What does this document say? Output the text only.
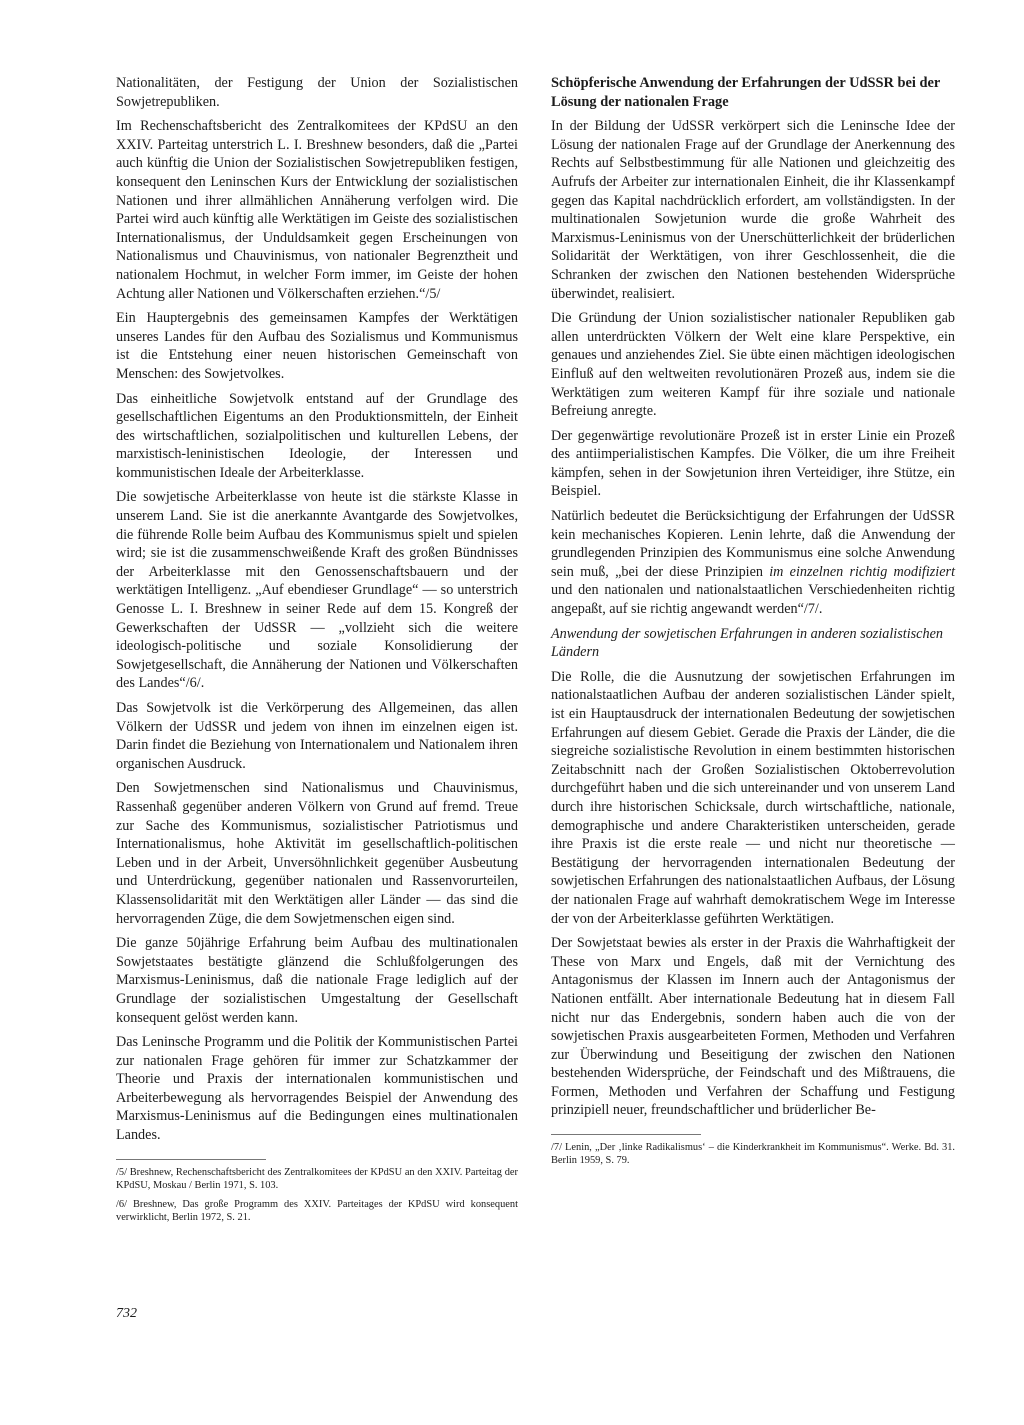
Nationalitäten, der Festigung der Union der Sozialistischen Sowjetrepubliken.

Im Rechenschaftsbericht des Zentralkomitees der KPdSU an den XXIV. Parteitag unterstrich L. I. Breshnew besonders, daß die „Partei auch künftig die Union der Sozialistischen Sowjetrepubliken festigen, konsequent den Leninschen Kurs der Entwicklung der sozialistischen Nationen und ihrer allmählichen Annäherung verfolgen wird. Die Partei wird auch künftig alle Werktätigen im Geiste des sozialistischen Internationalismus, der Unduldsamkeit gegen Erscheinungen von Nationalismus und Chauvinismus, von nationaler Begrenztheit und nationalem Hochmut, in welcher Form immer, im Geiste der hohen Achtung aller Nationen und Völkerschaften erziehen.“/5/

Ein Hauptergebnis des gemeinsamen Kampfes der Werktätigen unseres Landes für den Aufbau des Sozialismus und Kommunismus ist die Entstehung einer neuen historischen Gemeinschaft von Menschen: des Sowjetvolkes.

Das einheitliche Sowjetvolk entstand auf der Grundlage des gesellschaftlichen Eigentums an den Produktionsmitteln, der Einheit des wirtschaftlichen, sozialpolitischen und kulturellen Lebens, der marxistisch-leninistischen Ideologie, der Interessen und kommunistischen Ideale der Arbeiterklasse.

Die sowjetische Arbeiterklasse von heute ist die stärkste Klasse in unserem Land. Sie ist die anerkannte Avantgarde des Sowjetvolkes, die führende Rolle beim Aufbau des Kommunismus spielt und spielen wird; sie ist die zusammenschweißende Kraft des großen Bündnisses der Arbeiterklasse mit den Genossenschaftsbauern und der werktätigen Intelligenz. „Auf ebendieser Grundlage“ — so unterstrich Genosse L. I. Breshnew in seiner Rede auf dem 15. Kongreß der Gewerkschaften der UdSSR — „vollzieht sich die weitere ideologisch-politische und soziale Konsolidierung der Sowjetgesellschaft, die Annäherung der Nationen und Völkerschaften des Landes“/6/.

Das Sowjetvolk ist die Verkörperung des Allgemeinen, das allen Völkern der UdSSR und jedem von ihnen im einzelnen eigen ist. Darin findet die Beziehung von Internationalem und Nationalem ihren organischen Ausdruck.

Den Sowjetmenschen sind Nationalismus und Chauvinismus, Rassenhaß gegenüber anderen Völkern von Grund auf fremd. Treue zur Sache des Kommunismus, sozialistischer Patriotismus und Internationalismus, hohe Aktivität im gesellschaftlich-politischen Leben und in der Arbeit, Unversöhnlichkeit gegenüber Ausbeutung und Unterdrückung, gegenüber nationalen und Rassenvorurteilen, Klassensolidarität mit den Werktätigen aller Länder — das sind die hervorragenden Züge, die dem Sowjetmenschen eigen sind.

Die ganze 50jährige Erfahrung beim Aufbau des multinationalen Sowjetstaates bestätigte glänzend die Schlußfolgerungen des Marxismus-Leninismus, daß die nationale Frage lediglich auf der Grundlage der sozialistischen Umgestaltung der Gesellschaft konsequent gelöst werden kann.

Das Leninsche Programm und die Politik der Kommunistischen Partei zur nationalen Frage gehören für immer zur Schatzkammer der Theorie und Praxis der internationalen kommunistischen und Arbeiterbewegung als hervorragendes Beispiel der Anwendung des Marxismus-Leninismus auf die Bedingungen eines multinationalen Landes.

/5/ Breshnew, Rechenschaftsbericht des Zentralkomitees der KPdSU an den XXIV. Parteitag der KPdSU, Moskau / Berlin 1971, S. 103.

/6/ Breshnew, Das große Programm des XXIV. Parteitages der KPdSU wird konsequent verwirklicht, Berlin 1972, S. 21.

Schöpferische Anwendung der Erfahrungen der UdSSR bei der Lösung der nationalen Frage

In der Bildung der UdSSR verkörpert sich die Leninsche Idee der Lösung der nationalen Frage auf der Grundlage der Anerkennung des Rechts auf Selbstbestimmung für alle Nationen und gleichzeitig des Aufrufs der Arbeiter zur internationalen Einheit, die ihr Klassenkampf gegen das Kapital nachdrücklich erfordert, am vollständigsten. In der multinationalen Sowjetunion wurde die große Wahrheit des Marxismus-Leninismus von der Unerschütterlichkeit der brüderlichen Solidarität der Werktätigen, von ihrer Geschlossenheit, die die Schranken der zwischen den Nationen bestehenden Widersprüche überwindet, realisiert.

Die Gründung der Union sozialistischer nationaler Republiken gab allen unterdrückten Völkern der Welt eine klare Perspektive, ein genaues und anziehendes Ziel. Sie übte einen mächtigen ideologischen Einfluß auf den weltweiten revolutionären Prozeß aus, indem sie die Werktätigen zum weiteren Kampf für ihre soziale und nationale Befreiung anregte.

Der gegenwärtige revolutionäre Prozeß ist in erster Linie ein Prozeß des antiimperialistischen Kampfes. Die Völker, die um ihre Freiheit kämpfen, sehen in der Sowjetunion ihren Verteidiger, ihre Stütze, ein Beispiel.

Natürlich bedeutet die Berücksichtigung der Erfahrungen der UdSSR kein mechanisches Kopieren. Lenin lehrte, daß die Anwendung der grundlegenden Prinzipien des Kommunismus eine solche Anwendung sein muß, „bei der diese Prinzipien im einzelnen richtig modifiziert und den nationalen und nationalstaatlichen Verschiedenheiten richtig angepaßt, auf sie richtig angewandt werden“/7/.

Anwendung der sowjetischen Erfahrungen in anderen sozialistischen Ländern

Die Rolle, die die Ausnutzung der sowjetischen Erfahrungen im nationalstaatlichen Aufbau der anderen sozialistischen Länder spielt, ist ein Hauptausdruck der internationalen Bedeutung der sowjetischen Erfahrungen auf diesem Gebiet. Gerade die Praxis der Länder, die die siegreiche sozialistische Revolution in einem bestimmten historischen Zeitabschnitt nach der Großen Sozialistischen Oktoberrevolution durchgeführt haben und die sich untereinander und von unserem Land durch ihre historischen Schicksale, durch wirtschaftliche, nationale, demographische und andere Charakteristiken unterscheiden, gerade ihre Praxis ist die erste reale — und nicht nur theoretische — Bestätigung der hervorragenden internationalen Bedeutung der sowjetischen Erfahrungen des nationalstaatlichen Aufbaus, der Lösung der nationalen Frage auf wahrhaft demokratischem Wege im Interesse der von der Arbeiterklasse geführten Werktätigen.

Der Sowjetstaat bewies als erster in der Praxis die Wahrhaftigkeit der These von Marx und Engels, daß mit der Vernichtung des Antagonismus der Klassen im Innern auch der Antagonismus der Nationen entfällt. Aber internationale Bedeutung hat in diesem Fall nicht nur das Endergebnis, sondern haben auch die von der sowjetischen Praxis ausgearbeiteten Formen, Methoden und Verfahren zur Überwindung und Beseitigung der zwischen den Nationen bestehenden Widersprüche, der Feindschaft und des Mißtrauens, die Formen, Methoden und Verfahren der Schaffung und Festigung prinzipiell neuer, freundschaftlicher und brüderlicher Be-

/7/ Lenin, „Der ‚linke Radikalismus‘ – die Kinderkrankheit im Kommunismus“. Werke. Bd. 31. Berlin 1959, S. 79.

732
